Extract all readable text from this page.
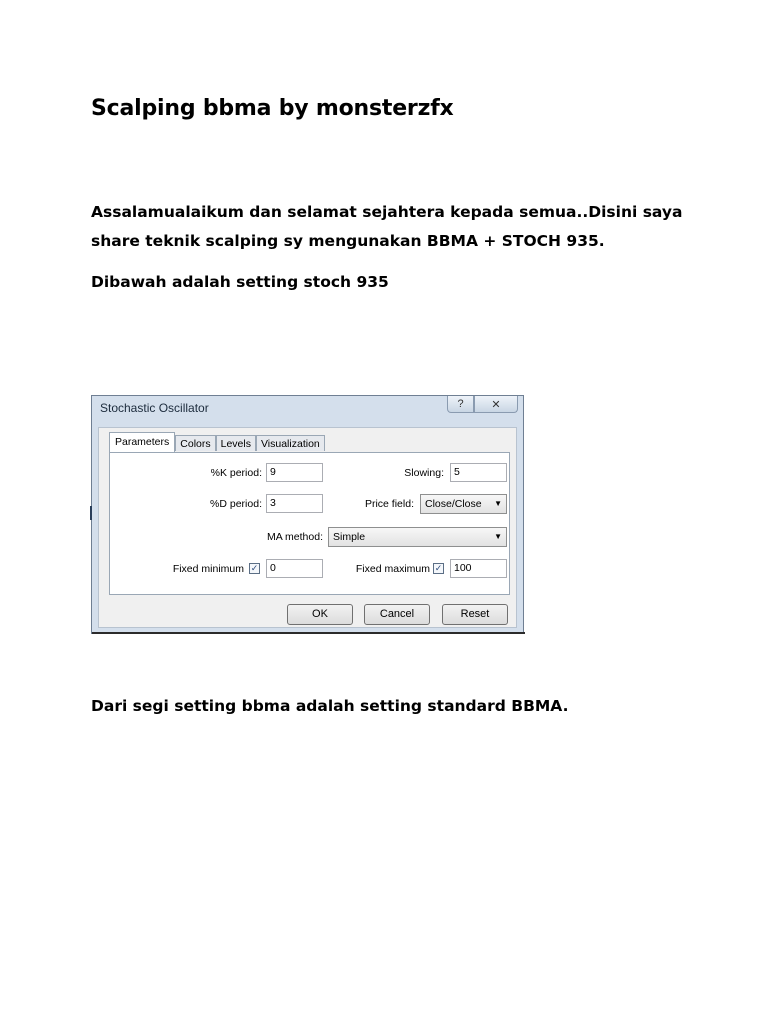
Scalping bbma by monsterzfx
Assalamualaikum dan selamat sejahtera kepada semua..Disini saya
share teknik scalping sy mengunakan BBMA + STOCH 935.
Dibawah adalah setting stoch 935
Stochastic Oscillator	?	✕
Parameters	Colors Levels Visualization
%K period: 9	Slowing: 5
%D period: 3	Price field:	Close/Close ▼
MA method: Simple	▼
Fixed minimum ✓	0	Fixed maximum ✓	100
OK	Cancel	Reset
Dari segi setting bbma adalah setting standard BBMA.
